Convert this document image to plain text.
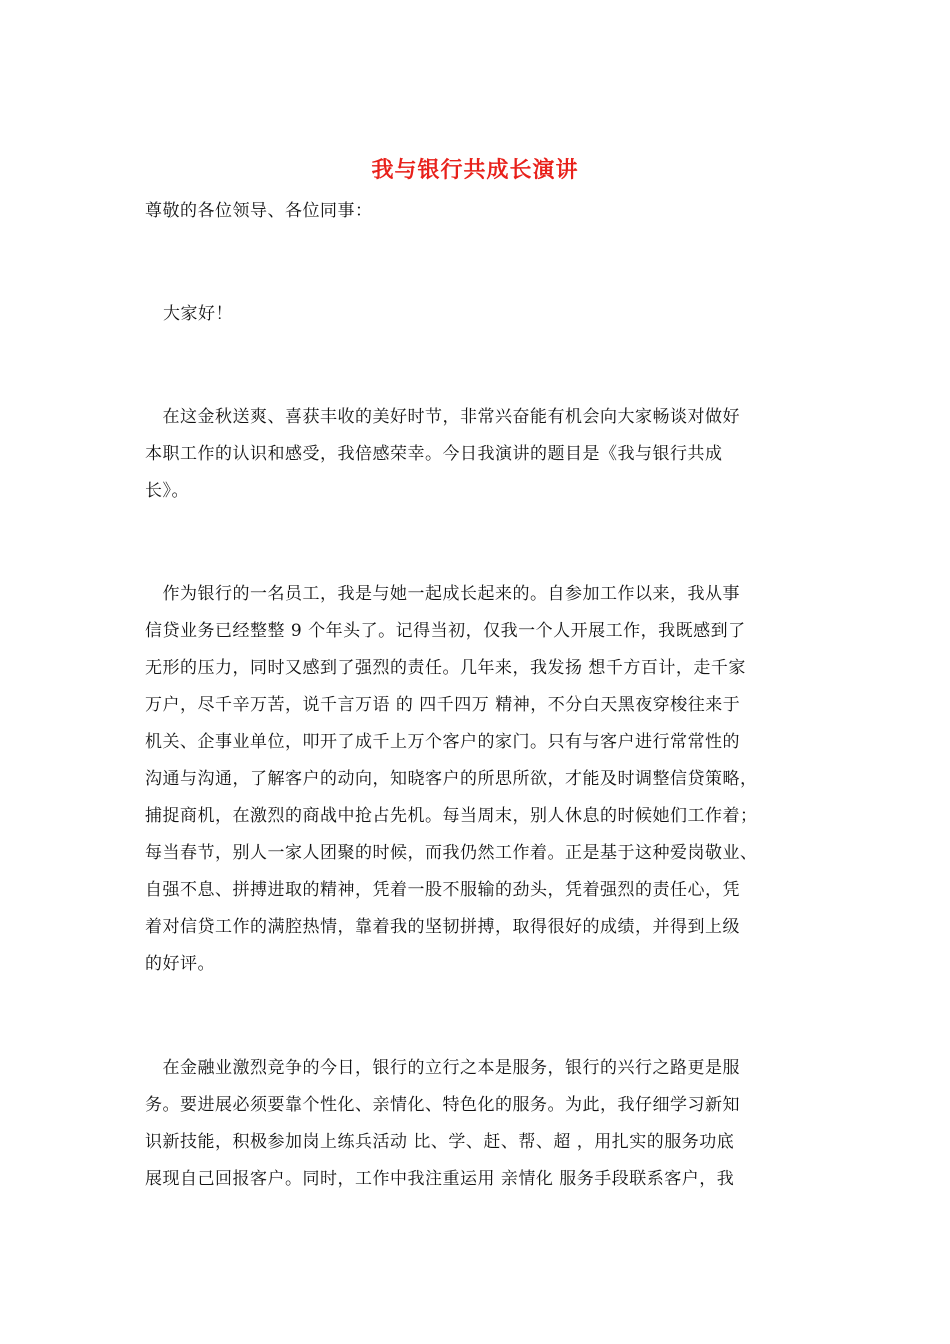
我与银行共成长演讲
尊敬的各位领导、各位同事：
大家好！
　在这金秋送爽、喜获丰收的美好时节，非常兴奋能有机会向大家畅谈对做好
本职工作的认识和感受，我倍感荣幸。今日我演讲的题目是《我与银行共成
长》。
　作为银行的一名员工，我是与她一起成长起来的。自参加工作以来，我从事
信贷业务已经整整 9 个年头了。记得当初，仅我一个人开展工作，我既感到了
无形的压力，同时又感到了强烈的责任。几年来，我发扬 想千方百计，走千家
万户，尽千辛万苦，说千言万语 的 四千四万 精神，不分白天黑夜穿梭往来于
机关、企事业单位，叩开了成千上万个客户的家门。只有与客户进行常常性的
沟通与沟通，了解客户的动向，知晓客户的所思所欲，才能及时调整信贷策略，
捕捉商机，在激烈的商战中抢占先机。每当周末，别人休息的时候她们工作着；
每当春节，别人一家人团聚的时候，而我仍然工作着。正是基于这种爱岗敬业、
自强不息、拼搏进取的精神，凭着一股不服输的劲头，凭着强烈的责任心，凭
着对信贷工作的满腔热情，靠着我的坚韧拼搏，取得很好的成绩，并得到上级
的好评。
　在金融业激烈竞争的今日，银行的立行之本是服务，银行的兴行之路更是服
务。要进展必须要靠个性化、亲情化、特色化的服务。为此，我仔细学习新知
识新技能，积极参加岗上练兵活动 比、学、赶、帮、超 ，用扎实的服务功底
展现自己回报客户。同时，工作中我注重运用 亲情化 服务手段联系客户，我
